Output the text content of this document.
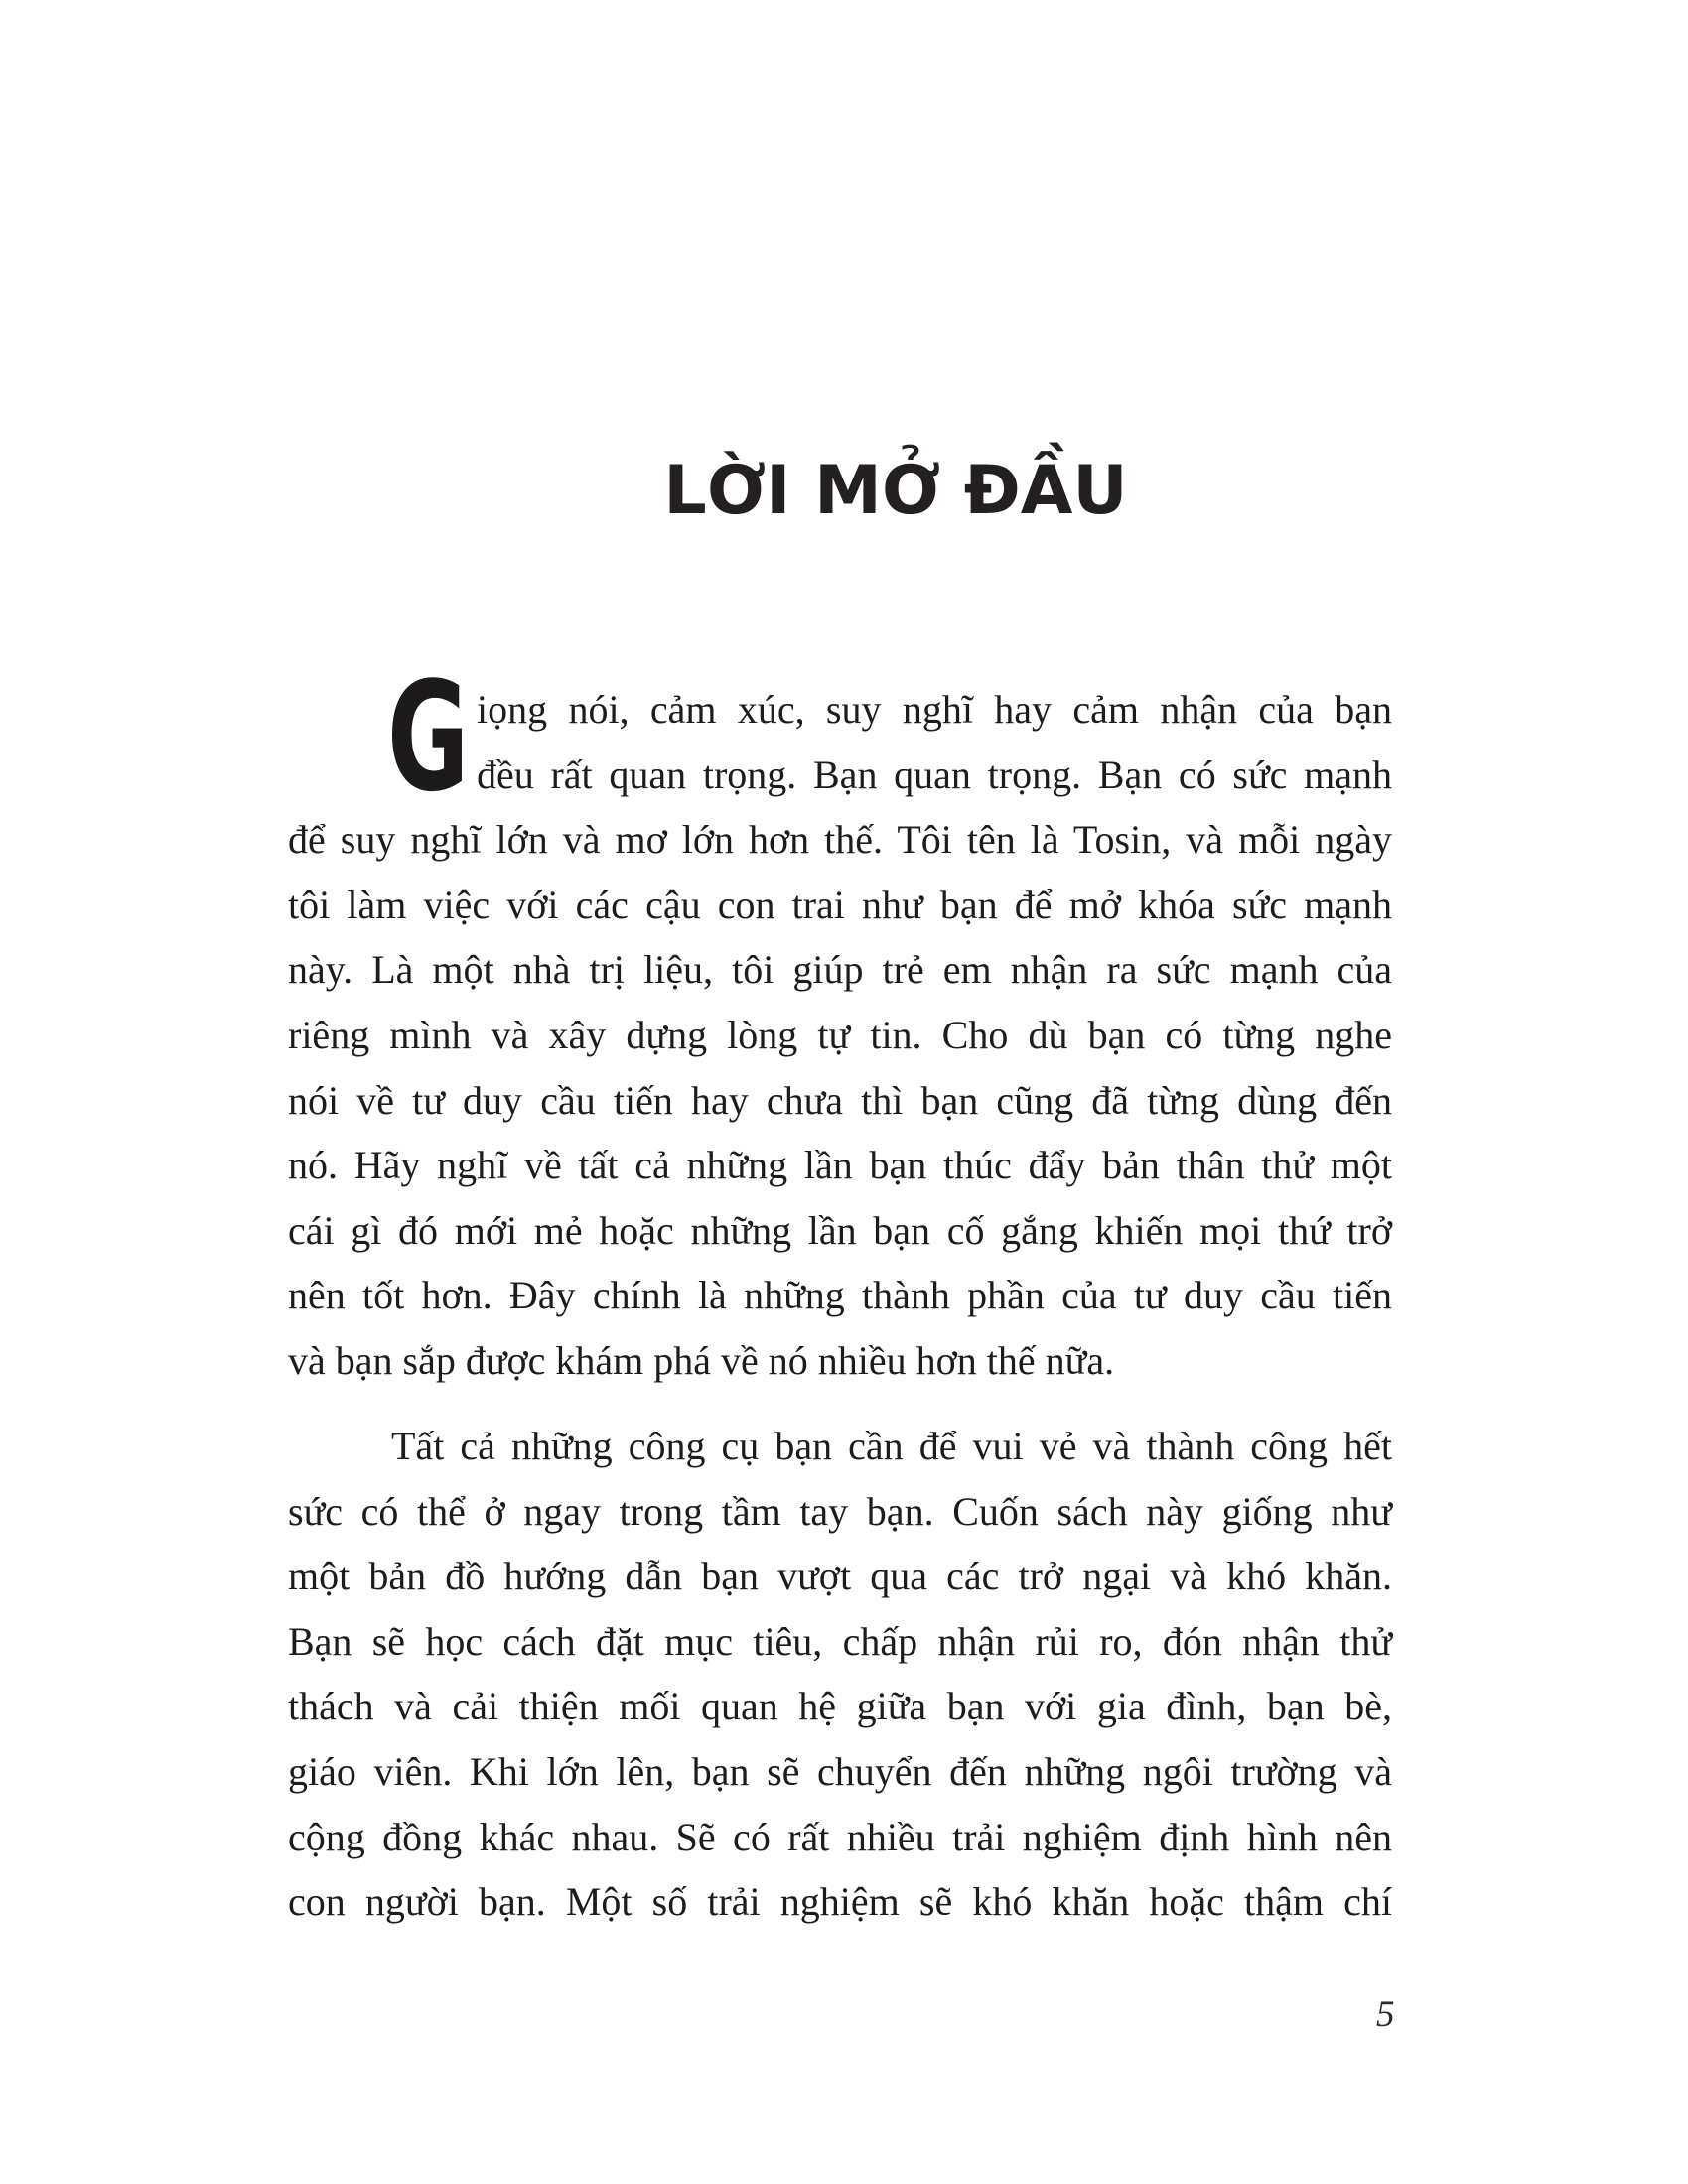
LỜI MỞ ĐẦU
G iọng nói, cảm xúc, suy nghĩ hay cảm nhận của bạn
đều rất quan trọng. Bạn quan trọng. Bạn có sức mạnh
để suy nghĩ lớn và mơ lớn hơn thế. Tôi tên là Tosin, và mỗi ngày
tôi làm việc với các cậu con trai như bạn để mở khóa sức mạnh
này. Là một nhà trị liệu, tôi giúp trẻ em nhận ra sức mạnh của
riêng mình và xây dựng lòng tự tin. Cho dù bạn có từng nghe
nói về tư duy cầu tiến hay chưa thì bạn cũng đã từng dùng đến
nó. Hãy nghĩ về tất cả những lần bạn thúc đẩy bản thân thử một
cái gì đó mới mẻ hoặc những lần bạn cố gắng khiến mọi thứ trở
nên tốt hơn. Đây chính là những thành phần của tư duy cầu tiến
và bạn sắp được khám phá về nó nhiều hơn thế nữa.
Tất cả những công cụ bạn cần để vui vẻ và thành công hết
sức có thể ở ngay trong tầm tay bạn. Cuốn sách này giống như
một bản đồ hướng dẫn bạn vượt qua các trở ngại và khó khăn.
Bạn sẽ học cách đặt mục tiêu, chấp nhận rủi ro, đón nhận thử
thách và cải thiện mối quan hệ giữa bạn với gia đình, bạn bè,
giáo viên. Khi lớn lên, bạn sẽ chuyển đến những ngôi trường và
cộng đồng khác nhau. Sẽ có rất nhiều trải nghiệm định hình nên
con người bạn. Một số trải nghiệm sẽ khó khăn hoặc thậm chí
5
